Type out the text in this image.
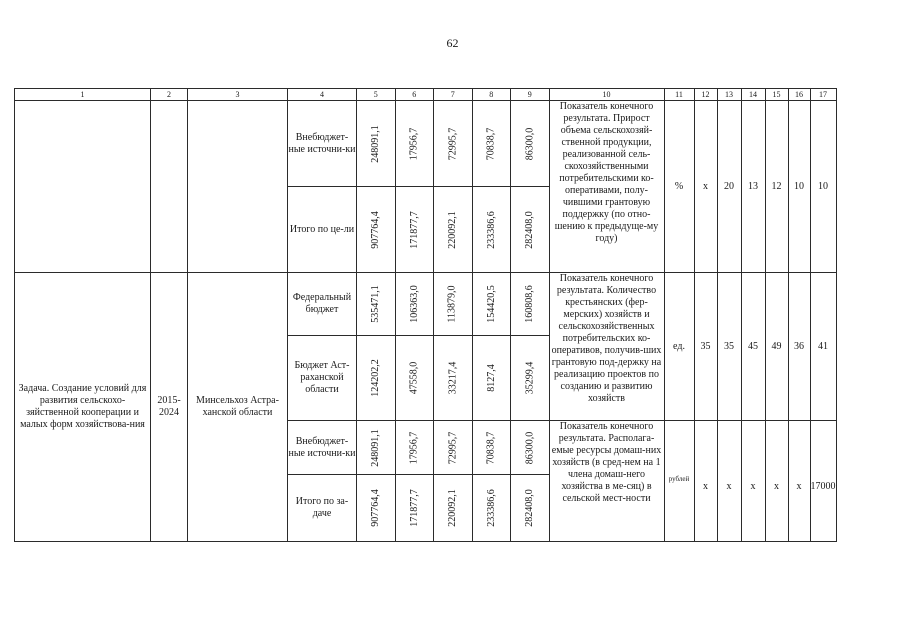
62
1	2	3	4	5	6	7	8	9	10	11	12	13	14	15	16	17
			Внебюджет-ные источни-ки	248091,1	17956,7	72995,7	70838,7	86300,0	Показатель конечного результата. Прирост объема сельскохозяй-ственной продукции, реализованной сель-скохозяйственными потребительскими ко-оперативами, полу-чившими грантовую поддержку (по отно-шению к предыдуще-му году)	%	x	20	13	12	10	10
			Итого по це-ли	907764,4	171877,7	220092,1	233386,6	282408,0								
Задача. Создание условий для развития сельскохо-зяйственной кооперации и малых форм хозяйствова-ния	2015-2024	Минсельхоз Астра-ханской области	Федеральный бюджет	535471,1	106363,0	113879,0	154420,5	160808,6	Показатель конечного результата. Количество крестьянских (фер-мерских) хозяйств и сельскохозяйственных потребительских ко-оперативов, получив-ших грантовую под-держку на реализацию проектов по созданию и развитию хозяйств	ед.	35	35	45	49	36	41
			Бюджет Аст-раханской области	124202,2	47558,0	33217,4	8127,4	35299,4								
			Внебюджет-ные источни-ки	248091,1	17956,7	72995,7	70838,7	86300,0	Показатель конечного результата. Располага-емые ресурсы домаш-них хозяйств (в сред-нем на 1 члена домаш-него хозяйства в ме-сяц) в сельской мест-ности	рублей	x	x	x	x	x	17000
			Итого по за-даче	907764,4	171877,7	220092,1	233386,6	282408,0								
